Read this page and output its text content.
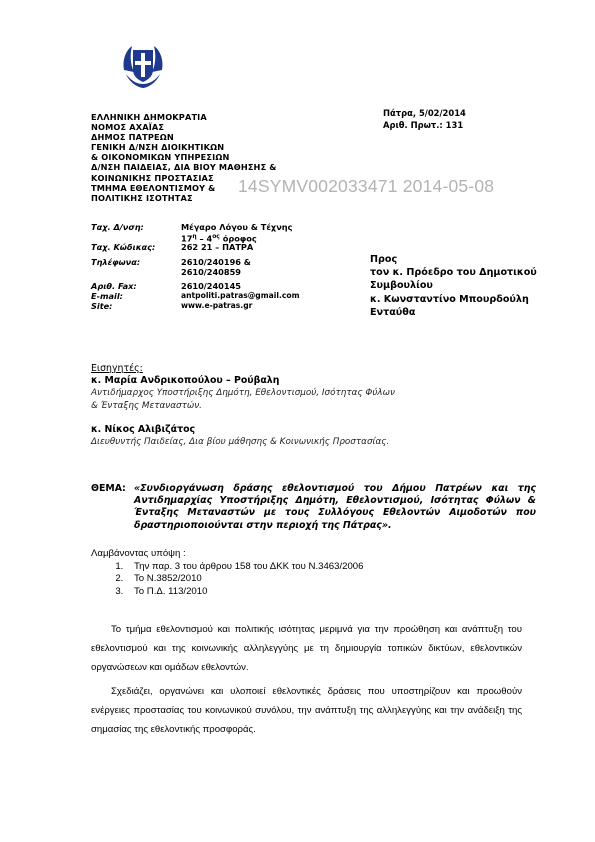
ΕΛΛΗΝΙΚΗ ΔΗΜΟΚΡΑΤΙΑ
ΝΟΜΟΣ ΑΧΑΪΑΣ
ΔΗΜΟΣ ΠΑΤΡΕΩΝ
ΓΕΝΙΚΗ Δ/ΝΣΗ ΔΙΟΙΚΗΤΙΚΩΝ
& ΟΙΚΟΝΟΜΙΚΩΝ ΥΠΗΡΕΣΙΩΝ
Δ/ΝΣΗ ΠΑΙΔΕΙΑΣ, ΔΙΑ ΒΙΟΥ ΜΑΘΗΣΗΣ &
ΚΟΙΝΩΝΙΚΗΣ ΠΡΟΣΤΑΣΙΑΣ
ΤΜΗΜΑ ΕΘΕΛΟΝΤΙΣΜΟΥ &
ΠΟΛΙΤΙΚΗΣ ΙΣΟΤΗΤΑΣ
14SYMV002033471 2014-05-08
Ταχ. Δ/νση:	Μέγαρο Λόγου & Τέχνης
$17^\eta - 4^{o\varsigma}$ όροφος
Ταχ. Κώδικας:	262 21 – ΠΑΤΡΑ
Τηλέφωνα:	2610/240196 &
2610/240859
Αριθ. Fax:	2610/240145
E-mail:	antpoliti.patras@gmail.com
Site:	www.e-patras.gr
Πάτρα, 5/02/2014
Αριθ. Πρωτ.: 131
Προς
τον κ. Πρόεδρο του Δημοτικού
Συμβουλίου
κ. Κωνσταντίνο Μπουρδούλη
Ενταύθα
Εισηγητές:
κ. Μαρία Ανδρικοπούλου – Ρούβαλη
Αντιδήμαρχος Υποστήριξης Δημότη, Εθελοντισμού, Ισότητας Φύλων
& Ένταξης Μεταναστών.
κ. Νίκος Αλιβιζάτος
Διευθυντής Παιδείας, Δια βίου μάθησης & Κοινωνικής Προστασίας.
ΘΕΜΑ: «Συνδιοργάνωση δράσης εθελοντισμού του Δήμου Πατρέων και της Αντιδημαρχίας Υποστήριξης Δημότη, Εθελοντισμού, Ισότητας Φύλων & Ένταξης Μεταναστών με τους Συλλόγους Εθελοντών Αιμοδοτών που δραστηριοποιούνται στην περιοχή της Πάτρας».
Λαμβάνοντας υπόψη :
1. Την παρ. 3 του άρθρου 158 του ΔΚΚ του Ν.3463/2006
2. Το Ν.3852/2010
3. Το Π.Δ. 113/2010

Το τμήμα εθελοντισμού και πολιτικής ισότητας μεριμνά για την προώθηση και ανάπτυξη του εθελοντισμού και της κοινωνικής αλληλεγγύης με τη δημιουργία τοπικών δικτύων, εθελοντικών οργανώσεων και ομάδων εθελοντών.

Σχεδιάζει, οργανώνει και υλοποιεί εθελοντικές δράσεις που υποστηρίζουν και προωθούν ενέργειες προστασίας του κοινωνικού συνόλου, την ανάπτυξη της αλληλεγγύης και την ανάδειξη της σημασίας της εθελοντικής προσφοράς.
